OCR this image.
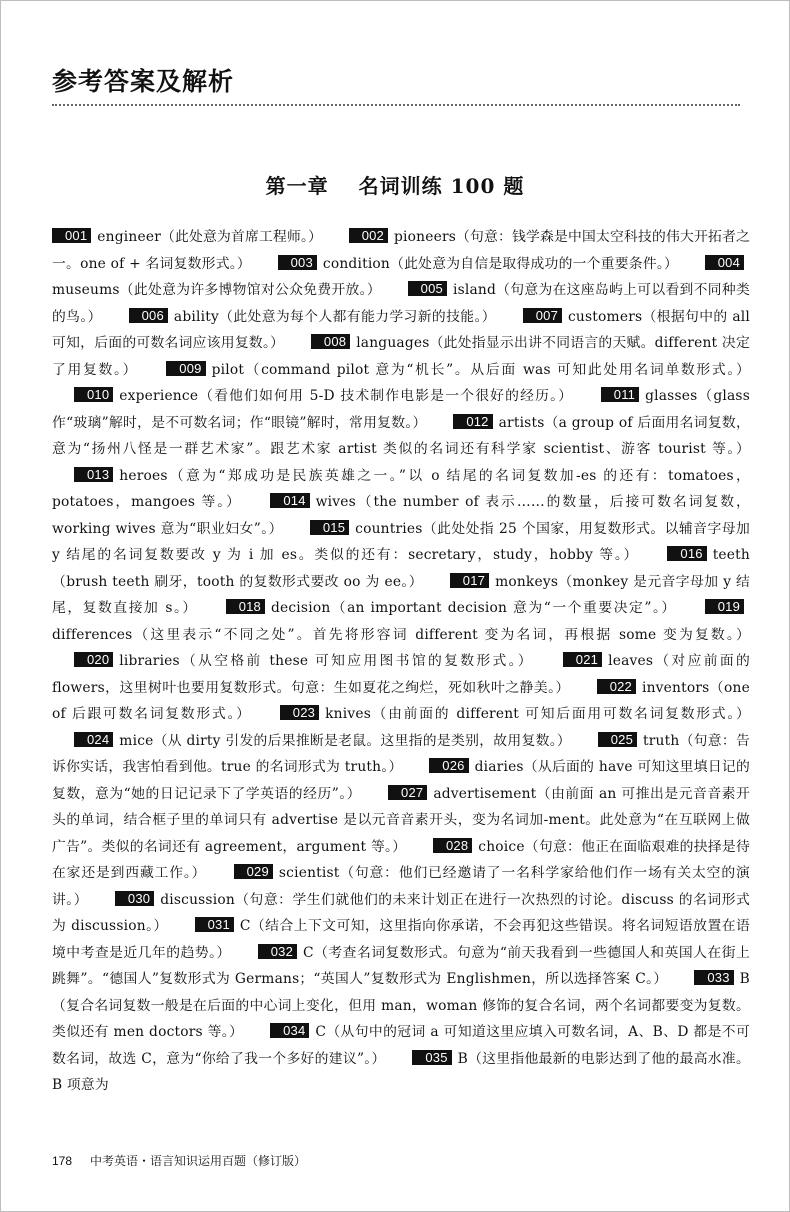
参考答案及解析
第一章 名词训练 100 题
001 engineer（此处意为首席工程师。）	002 pioneers（句意：钱学森是中国太空科技的伟大开拓者之一。one of + 名词复数形式。）	003 condition（此处意为自信是取得成功的一个重要条件。）	004museums（此处意为许多博物馆对公众免费开放。）	005 island（句意为在这座岛屿上可以看到不同种类的鸟。）	006 ability（此处意为每个人都有能力学习新的技能。）	007 customers（根据句中的 all 可知，后面的可数名词应该用复数。）	008 languages（此处指显示出讲不同语言的天赋。different 决定了用复数。）	009 pilot（command pilot 意为“机长”。从后面 was 可知此处用名词单数形式。） 010 experience（看他们如何用 5-D 技术制作电影是一个很好的经历。）	011 glasses（glass 作“玻璃”解时，是不可数名词；作“眼镜”解时，常用复数。）	012 artists（a group of 后面用名词复数，意为“扬州八怪是一群艺术家”。跟艺术家 artist 类似的名词还有科学家 scientist、游客 tourist 等。） 013 heroes（意为“郑成功是民族英雄之一。”以 o 结尾的名词复数加-es 的还有：tomatoes，potatoes，mangoes 等。）	014 wives（the number of 表示……的数量，后接可数名词复数，working wives 意为“职业妇女”。）	015 countries（此处处指 25 个国家，用复数形式。以辅音字母加 y 结尾的名词复数要改 y 为 i 加 es。类似的还有：secretary，study，hobby 等。）	016 teeth（brush teeth 刷牙，tooth 的复数形式要改 oo 为 ee。）	017 monkeys（monkey 是元音字母加 y 结尾，复数直接加 s。）	018 decision（an important decision 意为“一个重要决定”。）	019differences（这里表示“不同之处”。首先将形容词 different 变为名词，再根据 some 变为复数。） 020 libraries（从空格前 these 可知应用图书馆的复数形式。）	021 leaves（对应前面的 flowers，这里树叶也要用复数形式。句意：生如夏花之绚烂，死如秋叶之静美。）	022 inventors（one of 后跟可数名词复数形式。）	023 knives（由前面的 different 可知后面用可数名词复数形式。） 024 mice（从 dirty 引发的后果推断是老鼠。这里指的是类别，故用复数。）	025 truth（句意：告诉你实话，我害怕看到他。true 的名词形式为 truth。）	026 diaries（从后面的 have 可知这里填日记的复数，意为“她的日记记录下了学英语的经历”。）	027 advertisement（由前面 an 可推出是元音音素开头的单词，结合框子里的单词只有 advertise 是以元音音素开头，变为名词加-ment。此处意为“在互联网上做广告”。类似的名词还有 agreement，argument 等。）	028 choice（句意：他正在面临艰难的抉择是待在家还是到西藏工作。）	029 scientist（句意：他们已经邀请了一名科学家给他们作一场有关太空的演讲。）	030 discussion（句意：学生们就他们的未来计划正在进行一次热烈的讨论。discuss 的名词形式为 discussion。）	031 C（结合上下文可知，这里指向你承诺，不会再犯这些错误。将名词短语放置在语境中考查是近几年的趋势。）	032 C（考查名词复数形式。句意为“前天我看到一些德国人和英国人在街上跳舞”。“德国人”复数形式为 Germans；“英国人”复数形式为 Englishmen，所以选择答案 C。）	033 B（复合名词复数一般是在后面的中心词上变化，但用 man，woman 修饰的复合名词，两个名词都要变为复数。类似还有 men doctors 等。）	034 C（从句中的冠词 a 可知道这里应填入可数名词，A、B、D 都是不可数名词，故选 C，意为“你给了我一个多好的建议”。）	035 B（这里指他最新的电影达到了他的最高水准。B 项意为
178 中考英语・语言知识运用百题（修订版）
